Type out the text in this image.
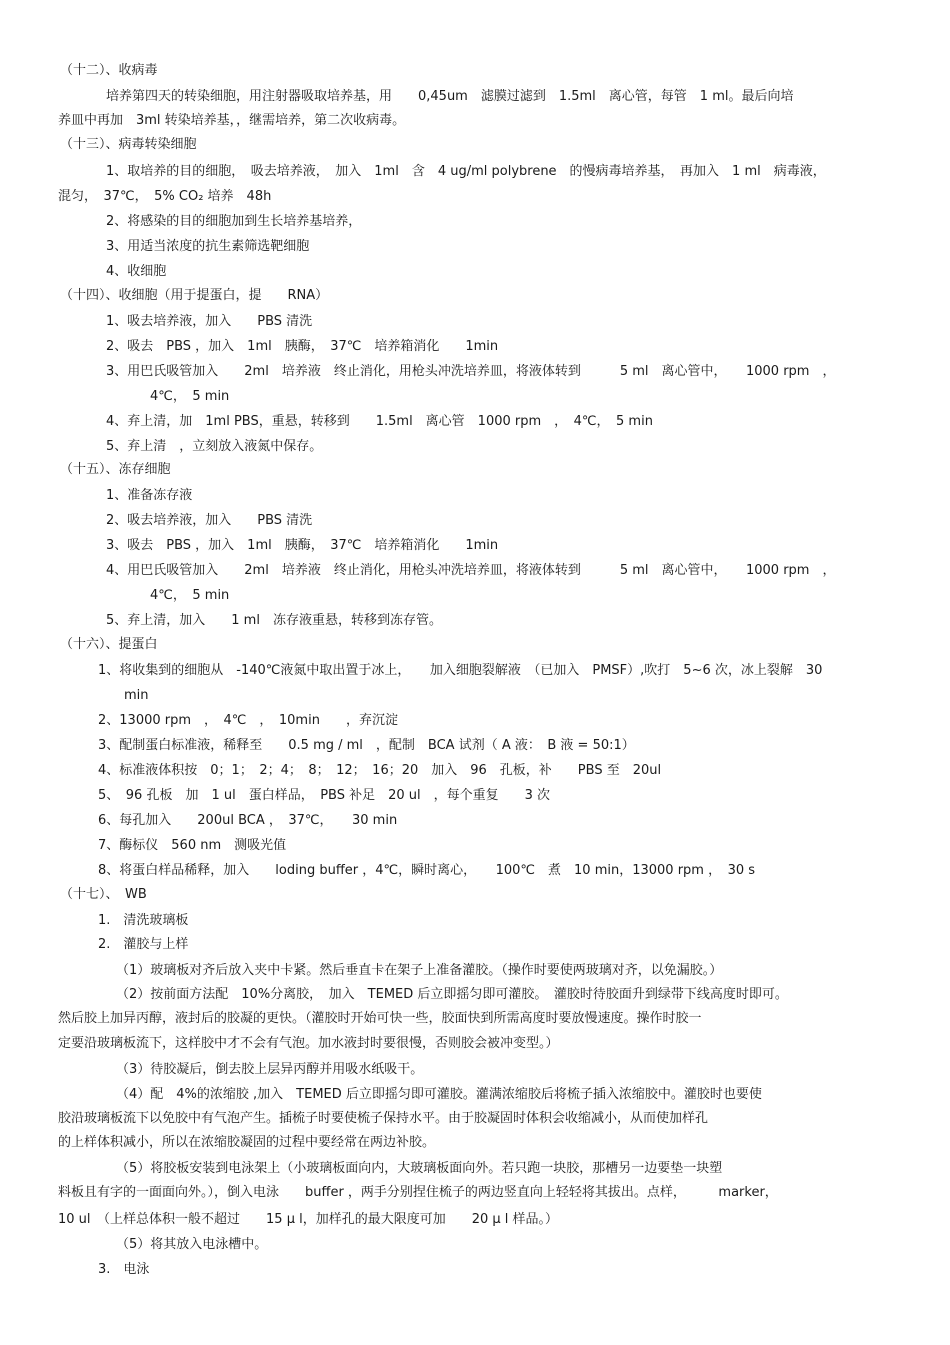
（十二）、收病毒
培养第四天的转染细胞，用注射器吸取培养基，用　　0,45um　滤膜过滤到　1.5ml　离心管，每管　1 ml。最后向培
养皿中再加　3ml 转染培养基，，继需培养，第二次收病毒。
（十三）、病毒转染细胞
1、取培养的目的细胞，　吸去培养液，　加入　1ml　含　4 ug/ml polybrene　的慢病毒培养基，　再加入　1 ml　病毒液，
混匀，　37℃，　5% CO₂ 培养　48h
2、将感染的目的细胞加到生长培养基培养，
3、用适当浓度的抗生素筛选靶细胞
4、收细胞
（十四）、收细胞（用于提蛋白，提　　RNA）
1、吸去培养液，加入　　PBS 清洗
2、吸去　PBS ，加入　1ml　胰酶，　37℃　培养箱消化　　1min
3、用巴氏吸管加入　　2ml　培养液　终止消化，用枪头冲洗培养皿，将液体转到　　　5 ml　离心管中，　　1000 rpm　，
4℃，　5 min
4、弃上清，加　1ml PBS，重悬，转移到　　1.5ml　离心管　1000 rpm　，　4℃，　5 min
5、弃上清　，立刻放入液氮中保存。
（十五）、冻存细胞
1、准备冻存液
2、吸去培养液，加入　　PBS 清洗
3、吸去　PBS ，加入　1ml　胰酶，　37℃　培养箱消化　　1min
4、用巴氏吸管加入　　2ml　培养液　终止消化，用枪头冲洗培养皿，将液体转到　　　5 ml　离心管中，　　1000 rpm　，
4℃，　5 min
5、弃上清，加入　　1 ml　冻存液重悬，转移到冻存管。
（十六）、提蛋白
1、将收集到的细胞从　-140℃液氮中取出置于冰上，　　加入细胞裂解液　（已加入　PMSF）,吹打　5~6 次，冰上裂解　30
min
2、13000 rpm　，　4℃　，　10min　　，弃沉淀
3、配制蛋白标准液，稀释至　　0.5 mg / ml　，配制　BCA 试剂（ A 液：　B 液 = 50:1）
4、标准液体积按　0；1；　2；4；　8；　12；　16；20　加入　96　孔板，补　　PBS 至　20ul
5、　96 孔板　加　1 ul　蛋白样品，　PBS 补足　20 ul　，每个重复　　3 次
6、每孔加入　　200ul BCA ，　37℃，　　30 min
7、酶标仪　560 nm　测吸光值
8、将蛋白样品稀释，加入　　loding buffer ，4℃，瞬时离心，　　100℃　煮　10 min，13000 rpm ，　30 s
（十七）、　WB
1.　清洗玻璃板
2.　灌胶与上样
（1）玻璃板对齐后放入夹中卡紧。然后垂直卡在架子上准备灌胶。（操作时要使两玻璃对齐，以免漏胶。）
（2）按前面方法配　10%分离胶，　加入　TEMED 后立即摇匀即可灌胶。　灌胶时待胶面升到绿带下线高度时即可。
然后胶上加异丙醇，液封后的胶凝的更快。（灌胶时开始可快一些，胶面快到所需高度时要放慢速度。操作时胶一
定要沿玻璃板流下，这样胶中才不会有气泡。加水液封时要很慢，否则胶会被冲变型。）
（3）待胶凝后，倒去胶上层异丙醇并用吸水纸吸干。
（4）配　4%的浓缩胶 ,加入　TEMED 后立即摇匀即可灌胶。灌满浓缩胶后将梳子插入浓缩胶中。灌胶时也要使
胶沿玻璃板流下以免胶中有气泡产生。插梳子时要使梳子保持水平。由于胶凝固时体积会收缩减小，从而使加样孔
的上样体积减小，所以在浓缩胶凝固的过程中要经常在两边补胶。
（5）将胶板安装到电泳架上（小玻璃板面向内，大玻璃板面向外。若只跑一块胶，那槽另一边要垫一块塑
料板且有字的一面面向外。），倒入电泳　　buffer ，两手分别捏住梳子的两边竖直向上轻轻将其拔出。点样，　　　marker，
10 ul　（上样总体积一般不超过　　15 μ l，加样孔的最大限度可加　　20 μ l 样品。）
（5）将其放入电泳槽中。
3.　电泳
